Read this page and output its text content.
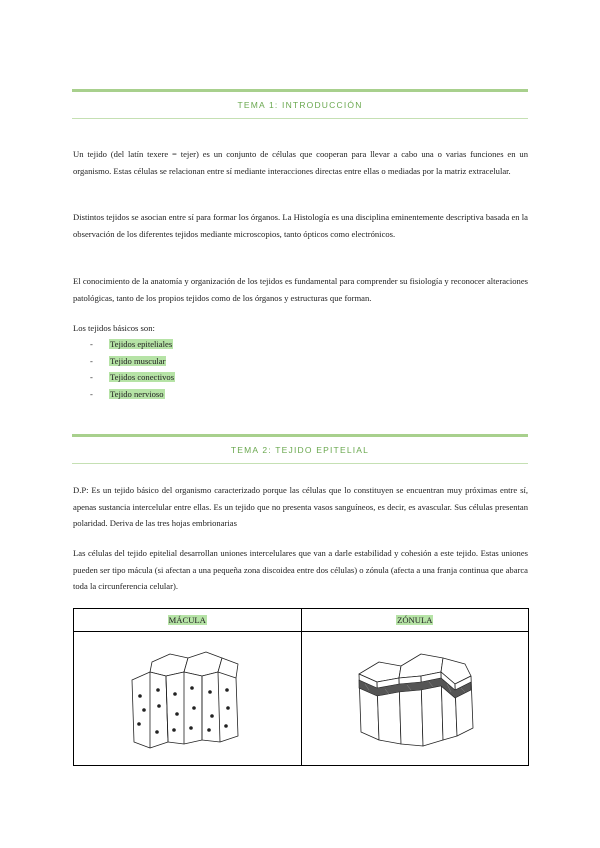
TEMA 1: INTRODUCCIÓN

Un tejido (del latín texere = tejer) es un conjunto de células que cooperan para llevar a cabo una o varias funciones en un organismo. Estas células se relacionan entre sí mediante interacciones directas entre ellas o mediadas por la matriz extracelular.

Distintos tejidos se asocian entre sí para formar los órganos. La Histología es una disciplina eminentemente descriptiva basada en la observación de los diferentes tejidos mediante microscopios, tanto ópticos como electrónicos.

El conocimiento de la anatomía y organización de los tejidos es fundamental para comprender su fisiología y reconocer alteraciones patológicas, tanto de los propios tejidos como de los órganos y estructuras que forman.

Los tejidos básicos son:

- Tejidos epiteliales
- Tejido muscular
- Tejidos conectivos
- Tejido nervioso
TEMA 2: TEJIDO EPITELIAL

D.P: Es un tejido básico del organismo caracterizado porque las células que lo constituyen se encuentran muy próximas entre sí, apenas sustancia intercelular entre ellas. Es un tejido que no presenta vasos sanguíneos, es decir, es avascular. Sus células presentan polaridad. Deriva de las tres hojas embrionarias

Las células del tejido epitelial desarrollan uniones intercelulares que van a darle estabilidad y cohesión a este tejido. Estas uniones pueden ser tipo mácula (si afectan a una pequeña zona discoidea entre dos células) o zónula (afecta a una franja continua que abarca toda la circunferencia celular).

MÁCULA	ZÓNULA
